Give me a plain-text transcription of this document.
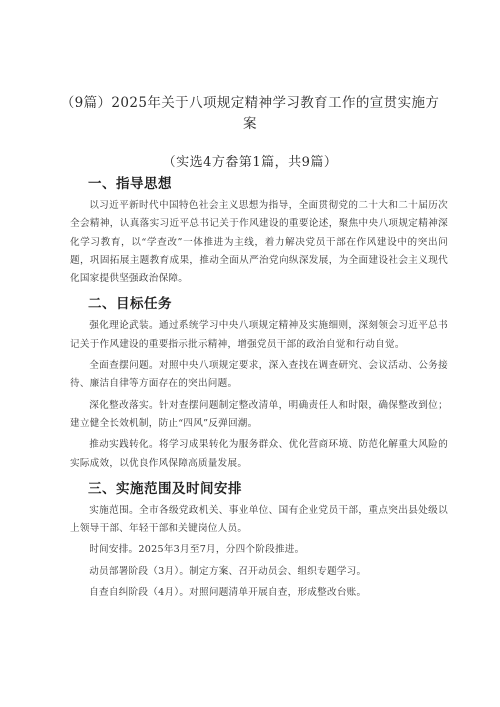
（9篇）2025年关于八项规定精神学习教育工作的宣贯实施方案
（实选4方畚第1篇，共9篇）
一、指导思想

以习近平新时代中国特色社会主义思想为指导，全面贯彻党的二十大和二十届历次全会精神，认真落实习近平总书记关于作风建设的重要论述，聚焦中央八项规定精神深化学习教育，以“学查改”一体推进为主线，着力解决党员干部在作风建设中的突出问题，巩固拓展主题教育成果，推动全面从严治党向纵深发展，为全面建设社会主义现代化国家提供坚强政治保障。

二、目标任务

强化理论武装。通过系统学习中央八项规定精神及实施细则，深刻领会习近平总书记关于作风建设的重要指示批示精神，增强党员干部的政治自觉和行动自觉。

全面查摆问题。对照中央八项规定要求，深入查找在调查研究、会议活动、公务接待、廉洁自律等方面存在的突出问题。

深化整改落实。针对查摆问题制定整改清单，明确责任人和时限，确保整改到位；建立健全长效机制，防止“四风”反弹回潮。

推动实践转化。将学习成果转化为服务群众、优化营商环境、防范化解重大风险的实际成效，以优良作风保障高质量发展。

三、实施范围及时间安排

实施范围。全市各级党政机关、事业单位、国有企业党员干部，重点突出县处级以上领导干部、年轻干部和关键岗位人员。

时间安排。2025年3月至7月，分四个阶段推进。

动员部署阶段（3月）。制定方案、召开动员会、组织专题学习。

自查自纠阶段（4月）。对照问题清单开展自查，形成整改台账。
